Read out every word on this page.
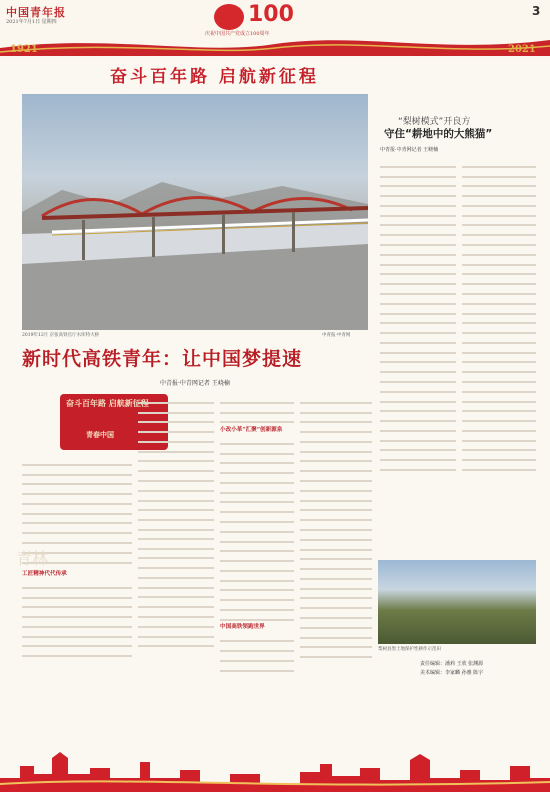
中国青年报
2021年7月1日 星期四	100
庆祝中国共产党成立100周年
1921	2021
3
奋斗百年路 启航新征程
2019年12月 京张高铁官厅水库特大桥	中青报·中青网
新时代高铁青年：让中国梦提速
中青报·中青网记者 王峣楠
奋斗百年路 启航新征程
青春中国
工匠精神代代传承
小改小革“汇聚”创新源泉
中国高铁领跑世界
青林
“梨树模式”开良方
守住“耕地中的大熊猫”
中青报·中青网记者 王峣楠
梨树县黑土地保护性耕作示范田
责任编辑：潘莉 王欣 张渊源
美术编辑：李家麟 孙雅 陈宇
